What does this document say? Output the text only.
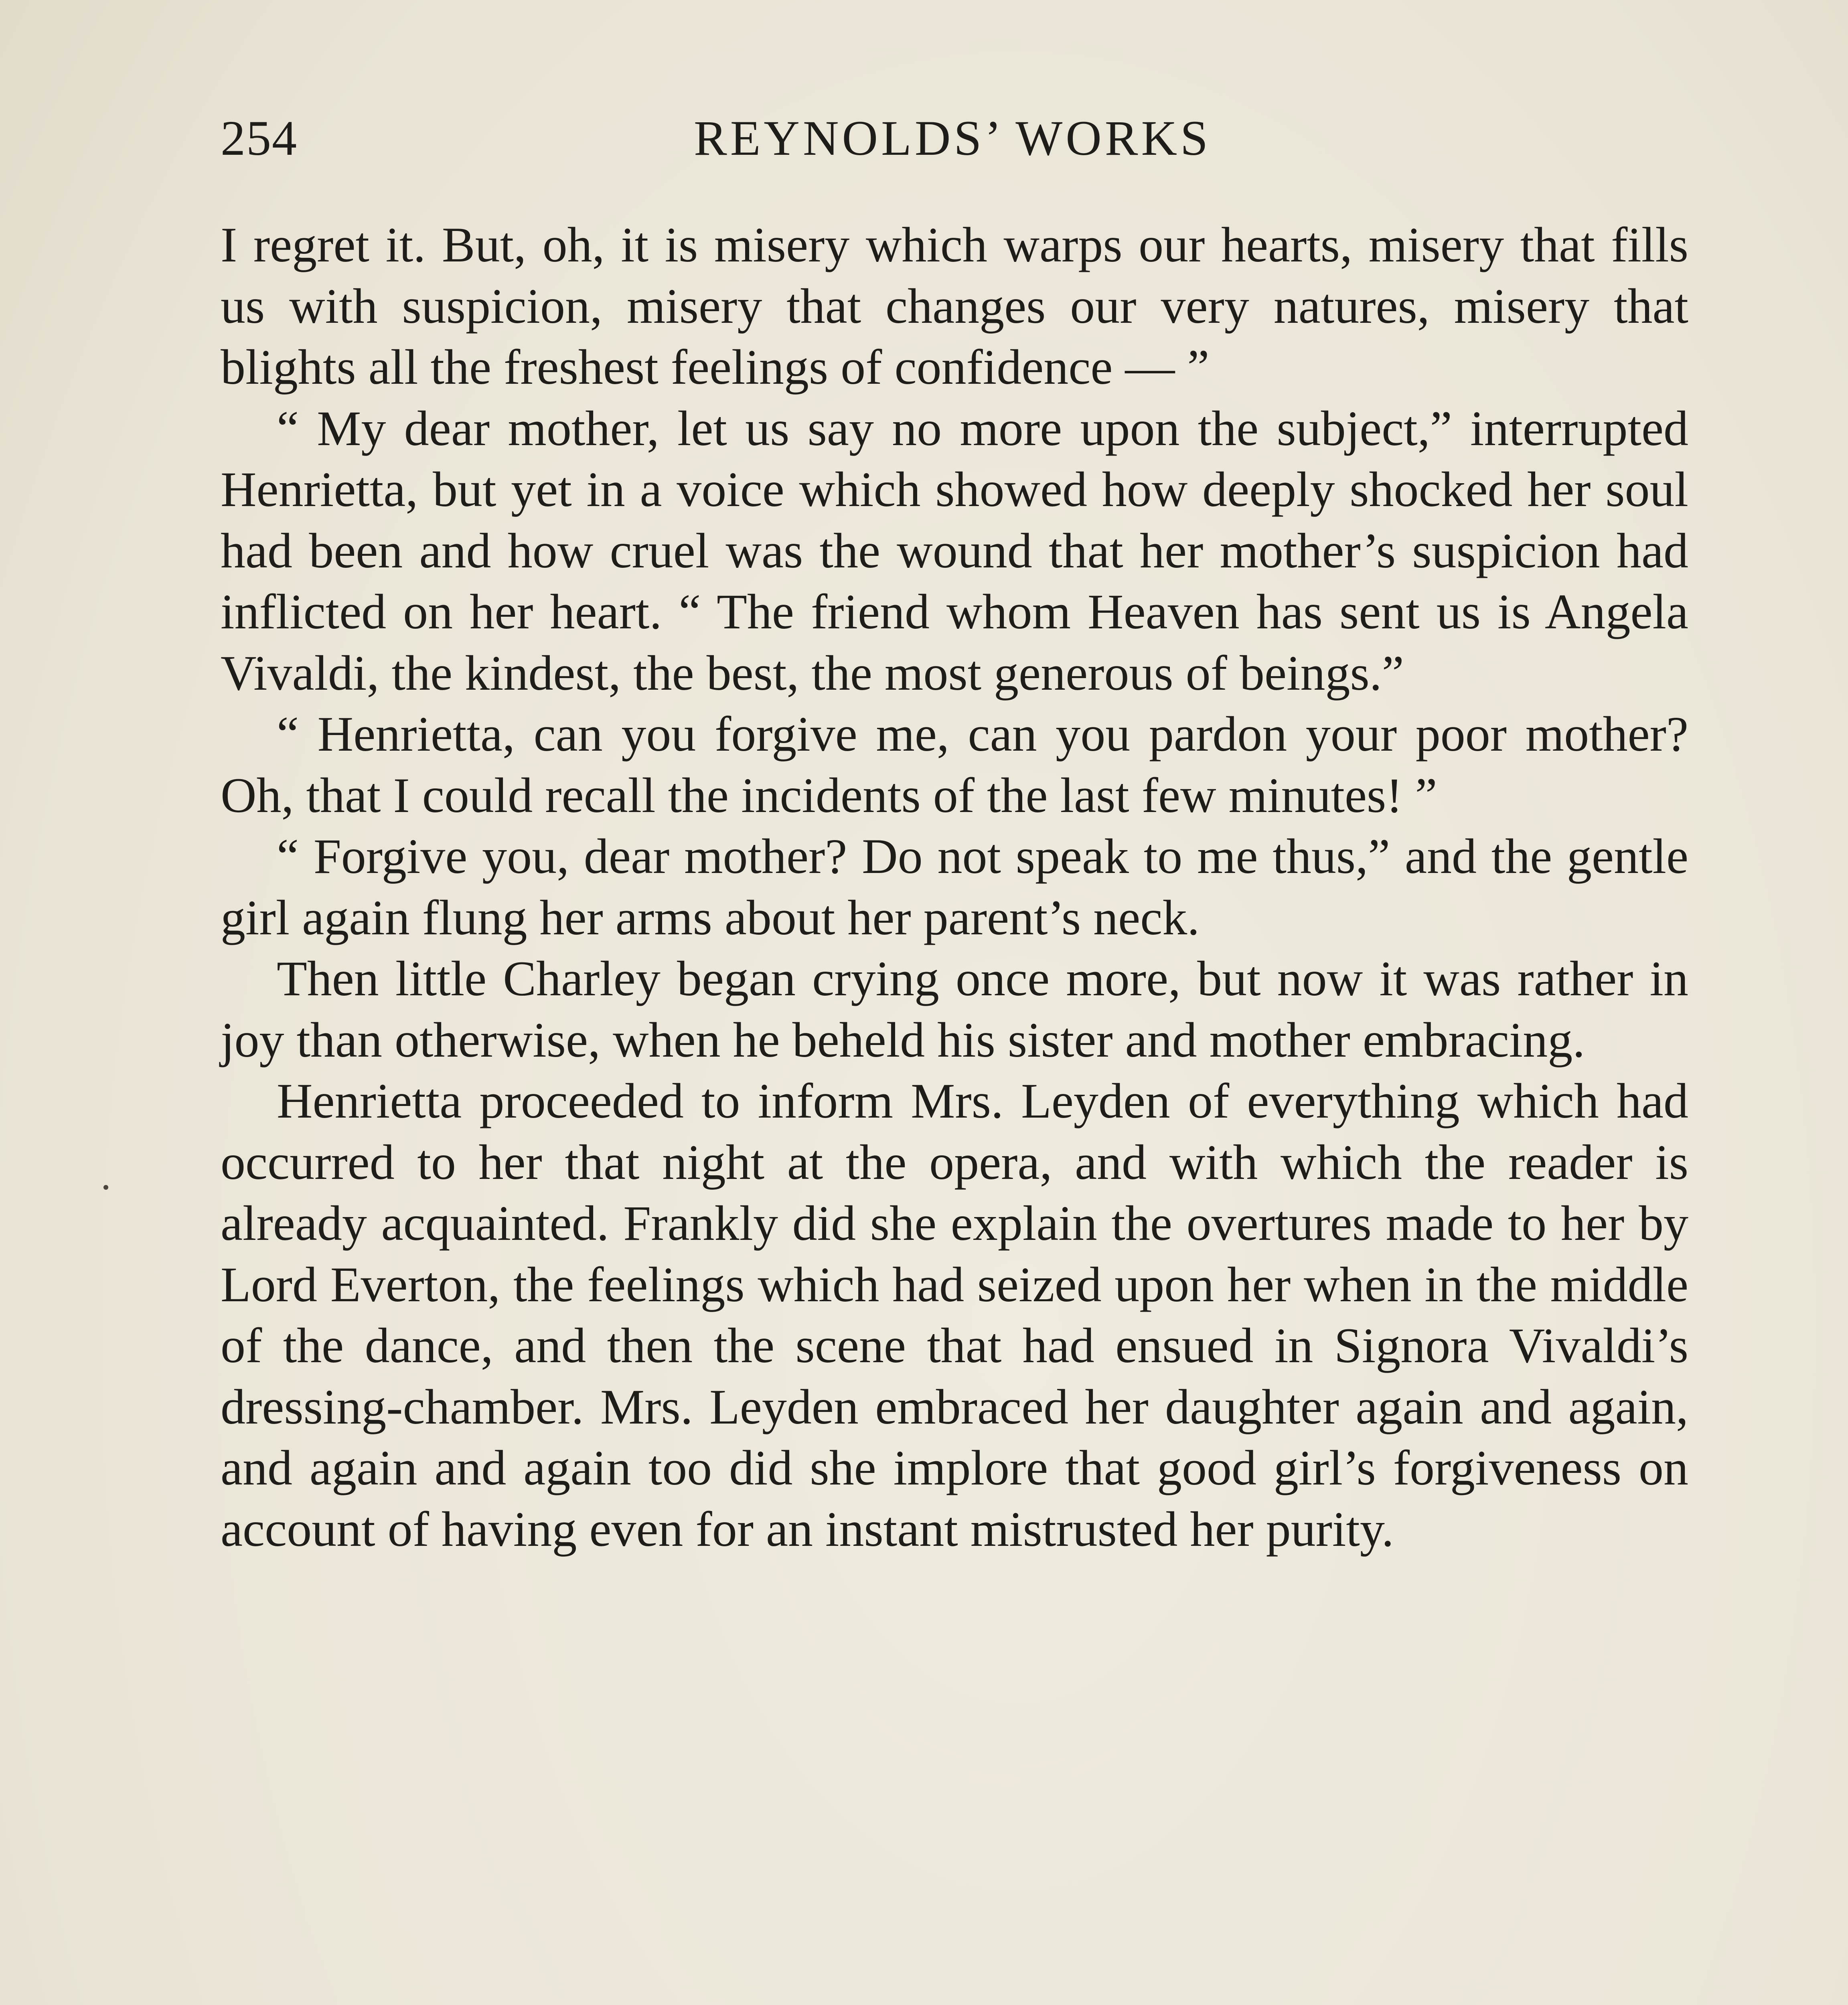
254	REYNOLDS’ WORKS

I regret it. But, oh, it is misery which warps our hearts, misery that fills us with suspicion, misery that changes our very natures, misery that blights all the freshest feelings of confidence — ”

“ My dear mother, let us say no more upon the subject,” interrupted Henrietta, but yet in a voice which showed how deeply shocked her soul had been and how cruel was the wound that her mother’s suspicion had inflicted on her heart. “ The friend whom Heaven has sent us is Angela Vivaldi, the kindest, the best, the most generous of beings.”

“ Henrietta, can you forgive me, can you pardon your poor mother? Oh, that I could recall the incidents of the last few minutes! ”

“ Forgive you, dear mother? Do not speak to me thus,” and the gentle girl again flung her arms about her parent’s neck.

Then little Charley began crying once more, but now it was rather in joy than otherwise, when he beheld his sister and mother embracing.

Henrietta proceeded to inform Mrs. Leyden of everything which had occurred to her that night at the opera, and with which the reader is already acquainted. Frankly did she explain the overtures made to her by Lord Everton, the feelings which had seized upon her when in the middle of the dance, and then the scene that had ensued in Signora Vivaldi’s dressing-chamber. Mrs. Leyden embraced her daughter again and again, and again and again too did she implore that good girl’s forgiveness on account of having even for an instant mistrusted her purity.
